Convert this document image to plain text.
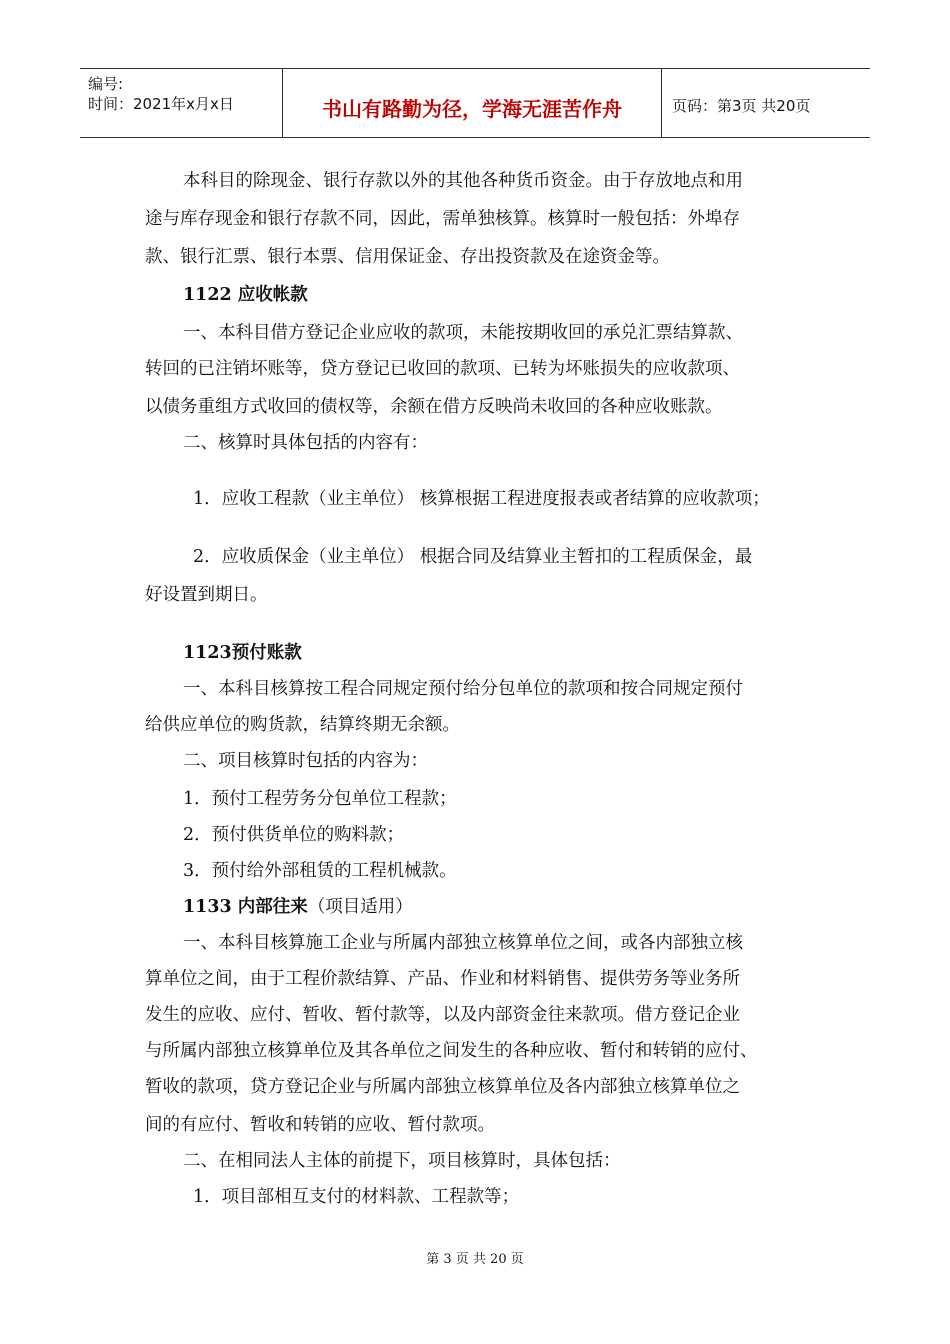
编号:
时间：2021年x月x日	书山有路勤为径，学海无涯苦作舟	页码：第3页 共20页
本科目的除现金、银行存款以外的其他各种货币资金。由于存放地点和用
途与库存现金和银行存款不同，因此，需单独核算。核算时一般包括：外埠存
款、银行汇票、银行本票、信用保证金、存出投资款及在途资金等。
1122 应收帐款
一、本科目借方登记企业应收的款项，未能按期收回的承兑汇票结算款、
转回的已注销坏账等，贷方登记已收回的款项、已转为坏账损失的应收款项、
以债务重组方式收回的债权等，余额在借方反映尚未收回的各种应收账款。
二、核算时具体包括的内容有：
1．应收工程款（业主单位） 核算根据工程进度报表或者结算的应收款项；
2．应收质保金（业主单位） 根据合同及结算业主暂扣的工程质保金，最
好设置到期日。
1123预付账款
一、本科目核算按工程合同规定预付给分包单位的款项和按合同规定预付
给供应单位的购货款，结算终期无余额。
二、项目核算时包括的内容为：
1．预付工程劳务分包单位工程款；
2．预付供货单位的购料款；
3．预付给外部租赁的工程机械款。
1133 内部往来（项目适用）
一、本科目核算施工企业与所属内部独立核算单位之间，或各内部独立核
算单位之间，由于工程价款结算、产品、作业和材料销售、提供劳务等业务所
发生的应收、应付、暂收、暂付款等，以及内部资金往来款项。借方登记企业
与所属内部独立核算单位及其各单位之间发生的各种应收、暂付和转销的应付、
暂收的款项，贷方登记企业与所属内部独立核算单位及各内部独立核算单位之
间的有应付、暂收和转销的应收、暂付款项。
二、在相同法人主体的前提下，项目核算时，具体包括：
1．项目部相互支付的材料款、工程款等；
第 3 页 共 20 页
